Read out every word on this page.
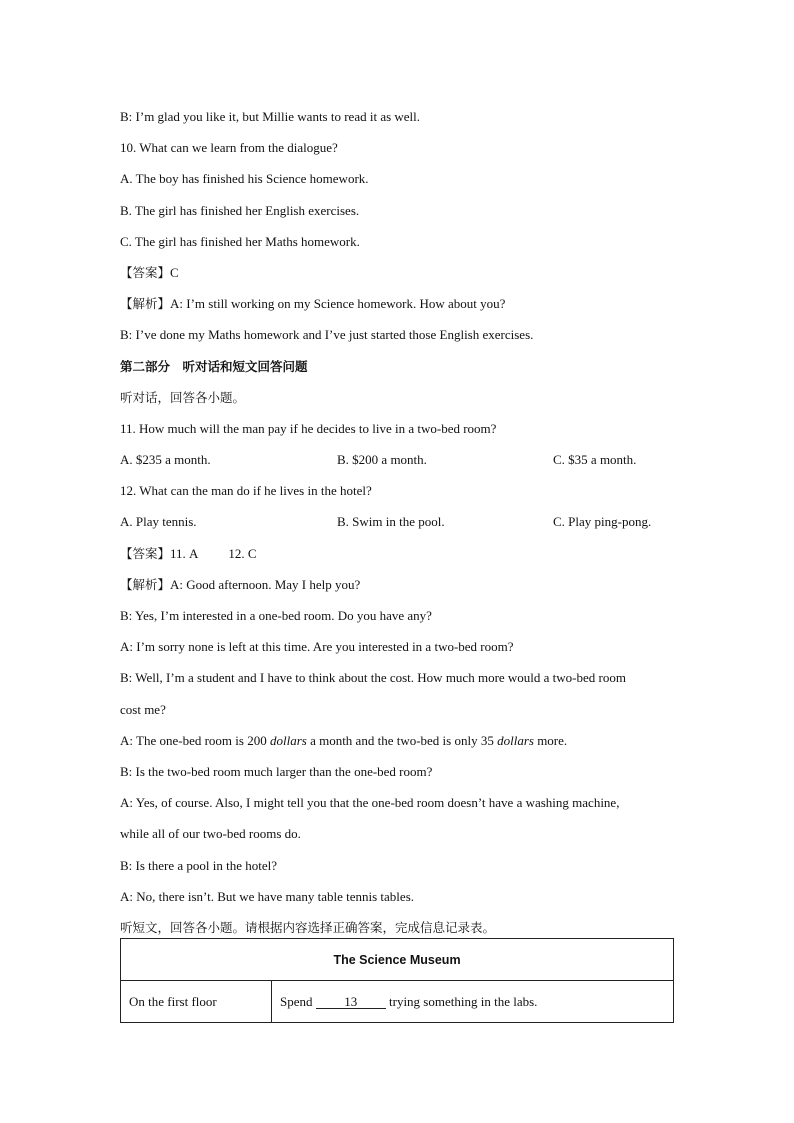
B: I’m glad you like it, but Millie wants to read it as well.
10. What can we learn from the dialogue?
A. The boy has finished his Science homework.
B. The girl has finished her English exercises.
C. The girl has finished her Maths homework.
【答案】C
【解析】A: I’m still working on my Science homework. How about you?
B: I’ve done my Maths homework and I’ve just started those English exercises.
第二部分　听对话和短文回答问题
听对话，回答各小题。
11. How much will the man pay if he decides to live in a two-bed room?
A. $235 a month.	B. $200 a month.	C. $35 a month.
12. What can the man do if he lives in the hotel?
A. Play tennis.	B. Swim in the pool.	C. Play ping-pong.
【答案】11. A 12. C
【解析】A: Good afternoon. May I help you?
B: Yes, I’m interested in a one-bed room. Do you have any?
A: I’m sorry none is left at this time. Are you interested in a two-bed room?
B: Well, I’m a student and I have to think about the cost. How much more would a two-bed room
cost me?
A: The one-bed room is 200 dollars a month and the two-bed is only 35 dollars more.
B: Is the two-bed room much larger than the one-bed room?
A: Yes, of course. Also, I might tell you that the one-bed room doesn’t have a washing machine,
while all of our two-bed rooms do.
B: Is there a pool in the hotel?
A: No, there isn’t. But we have many table tennis tables.
听短文，回答各小题。请根据内容选择正确答案，完成信息记录表。
The Science Museum
On the first floor	Spend 13 trying something in the labs.
